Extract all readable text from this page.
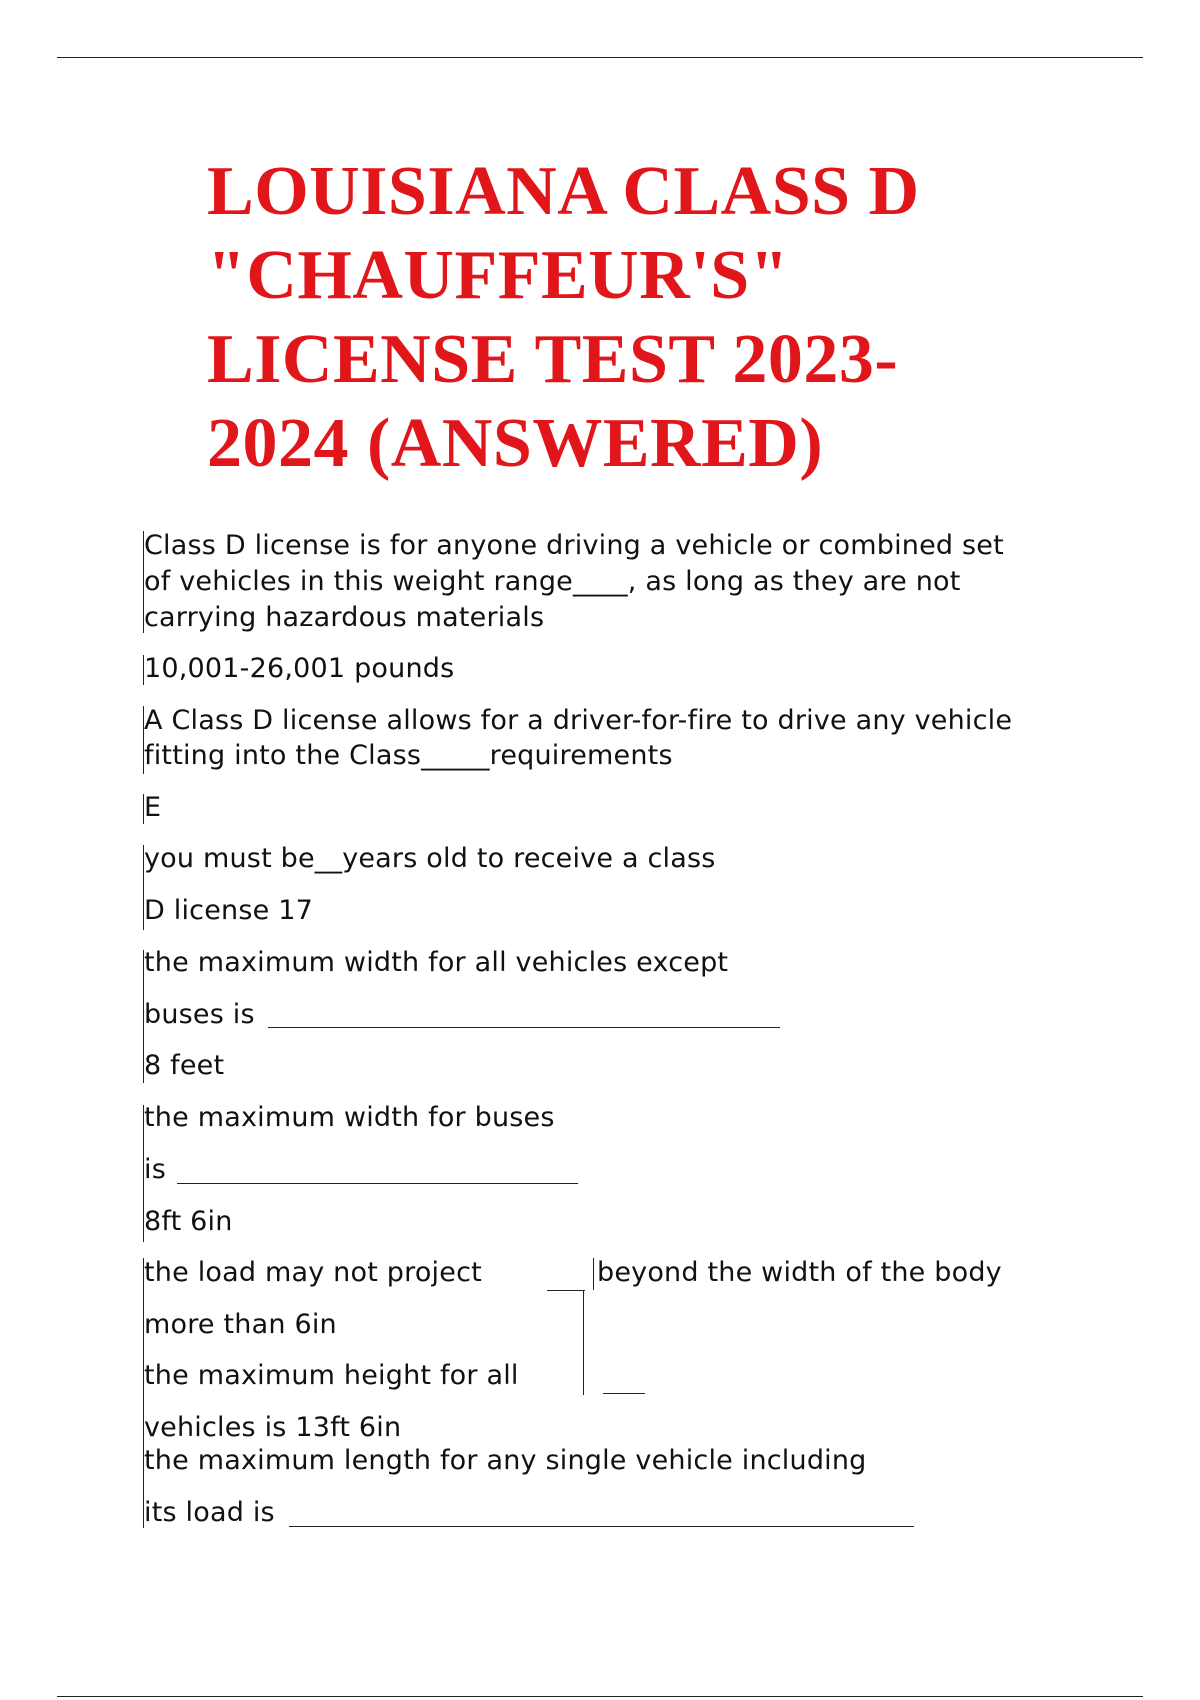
LOUISIANA CLASS D
"CHAUFFEUR'S"
LICENSE TEST 2023-
2024 (ANSWERED)
Class D license is for anyone driving a vehicle or combined set
of vehicles in this weight range____, as long as they are not
carrying hazardous materials
10,001-26,001 pounds
A Class D license allows for a driver-for-fire to drive any vehicle
fitting into the Class_____requirements
E
you must be__years old to receive a class
D license 17
the maximum width for all vehicles except
buses is
8 feet
the maximum width for buses
is
8ft 6in
the load may not project	beyond the width of the body
more than 6in
the maximum height for all
vehicles is 13ft 6in
the maximum length for any single vehicle including
its load is
